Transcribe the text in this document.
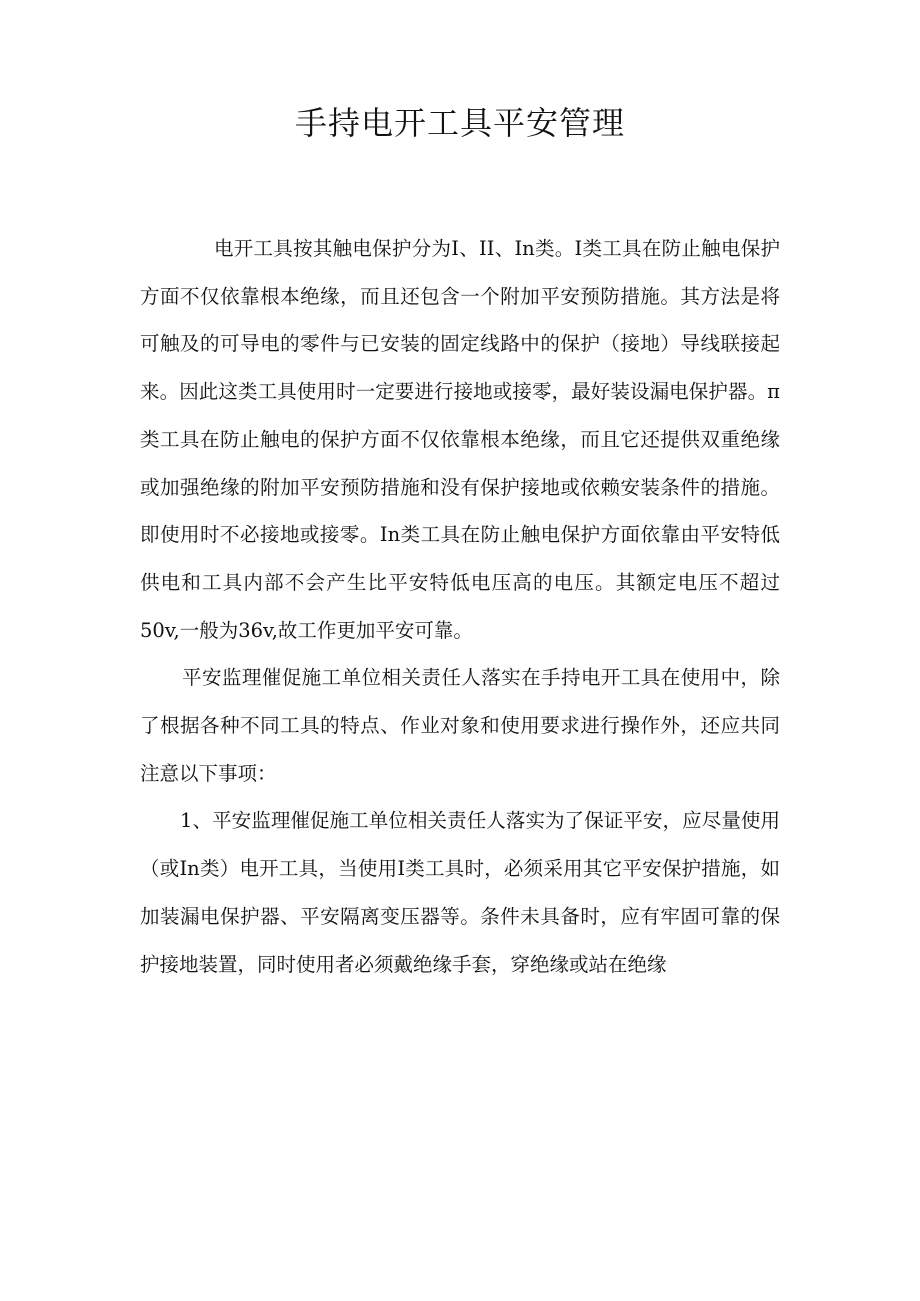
手持电开工具平安管理

电开工具按其触电保护分为I、II、In类。I类工具在防止触电保护方面不仅依靠根本绝缘，而且还包含一个附加平安预防措施。其方法是将可触及的可导电的零件与已安装的固定线路中的保护（接地）导线联接起来。因此这类工具使用时一定要进行接地或接零，最好装设漏电保护器。π类工具在防止触电的保护方面不仅依靠根本绝缘，而且它还提供双重绝缘或加强绝缘的附加平安预防措施和没有保护接地或依赖安装条件的措施。即使用时不必接地或接零。In类工具在防止触电保护方面依靠由平安特低供电和工具内部不会产生比平安特低电压高的电压。其额定电压不超过50v,一般为36v,故工作更加平安可靠。

平安监理催促施工单位相关责任人落实在手持电开工具在使用中，除了根据各种不同工具的特点、作业对象和使用要求进行操作外，还应共同注意以下事项：

1、平安监理催促施工单位相关责任人落实为了保证平安，应尽量使用（或In类）电开工具，当使用I类工具时，必须采用其它平安保护措施，如加装漏电保护器、平安隔离变压器等。条件未具备时，应有牢固可靠的保护接地装置，同时使用者必须戴绝缘手套，穿绝缘或站在绝缘
